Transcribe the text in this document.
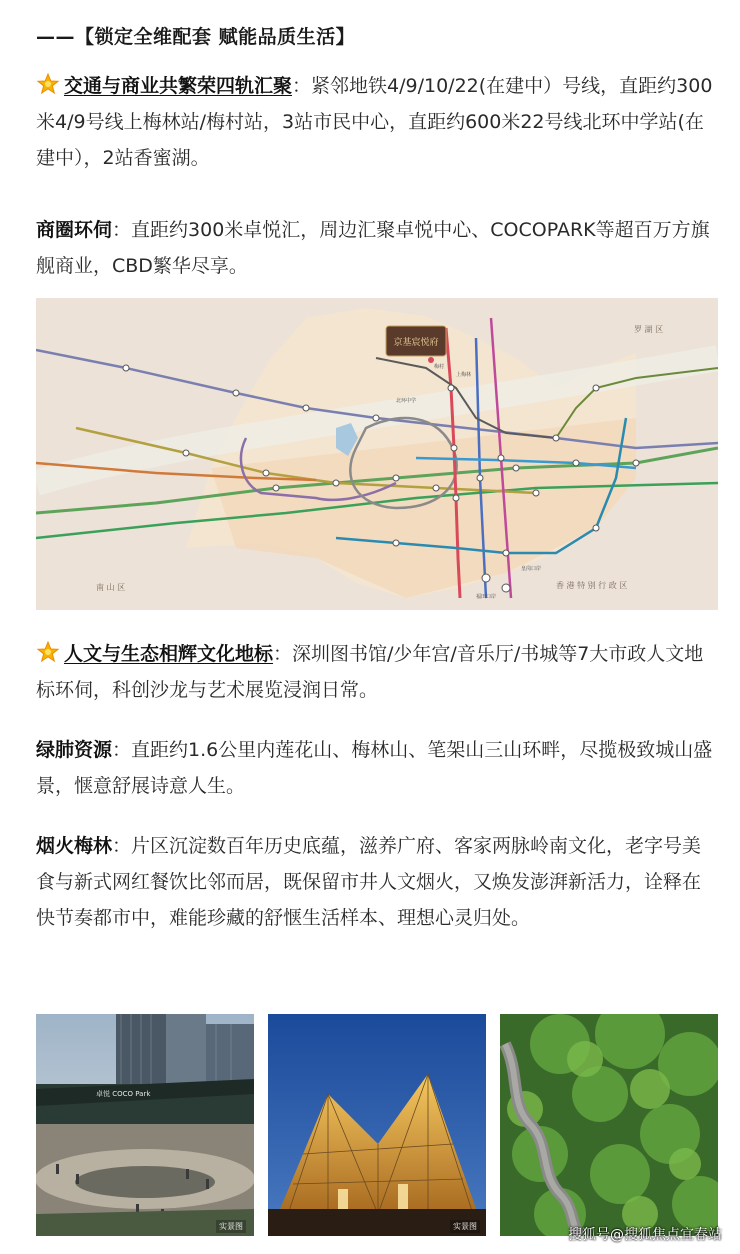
——【锁定全维配套 赋能品质生活】
交通与商业共繁荣四轨汇聚：紧邻地铁4/9/10/22(在建中）号线，直距约300米4/9号线上梅林站/梅村站，3站市民中心，直距约600米22号线北环中学站(在建中），2站香蜜湖。
商圈环伺：直距约300米卓悦汇，周边汇聚卓悦中心、COCOPARK等超百万方旗舰商业，CBD繁华尽享。
京基宸悦府
罗 湖 区
南 山 区	香 港 特 别 行 政 区
梅村
上梅林
北环中学
福田口岸
皇岗口岸
人文与生态相辉文化地标：深圳图书馆/少年宫/音乐厅/书城等7大市政人文地标环伺，科创沙龙与艺术展览浸润日常。
绿肺资源：直距约1.6公里内莲花山、梅林山、笔架山三山环畔，尽揽极致城山盛景，惬意舒展诗意人生。
烟火梅林：片区沉淀数百年历史底蕴，滋养广府、客家两脉岭南文化，老字号美食与新式网红餐饮比邻而居，既保留市井人文烟火，又焕发澎湃新活力，诠释在快节奏都市中，难能珍藏的舒惬生活样本、理想心灵归处。
卓悦 COCO Park
实景图	实景图
搜狐号@搜狐焦点宜春站
